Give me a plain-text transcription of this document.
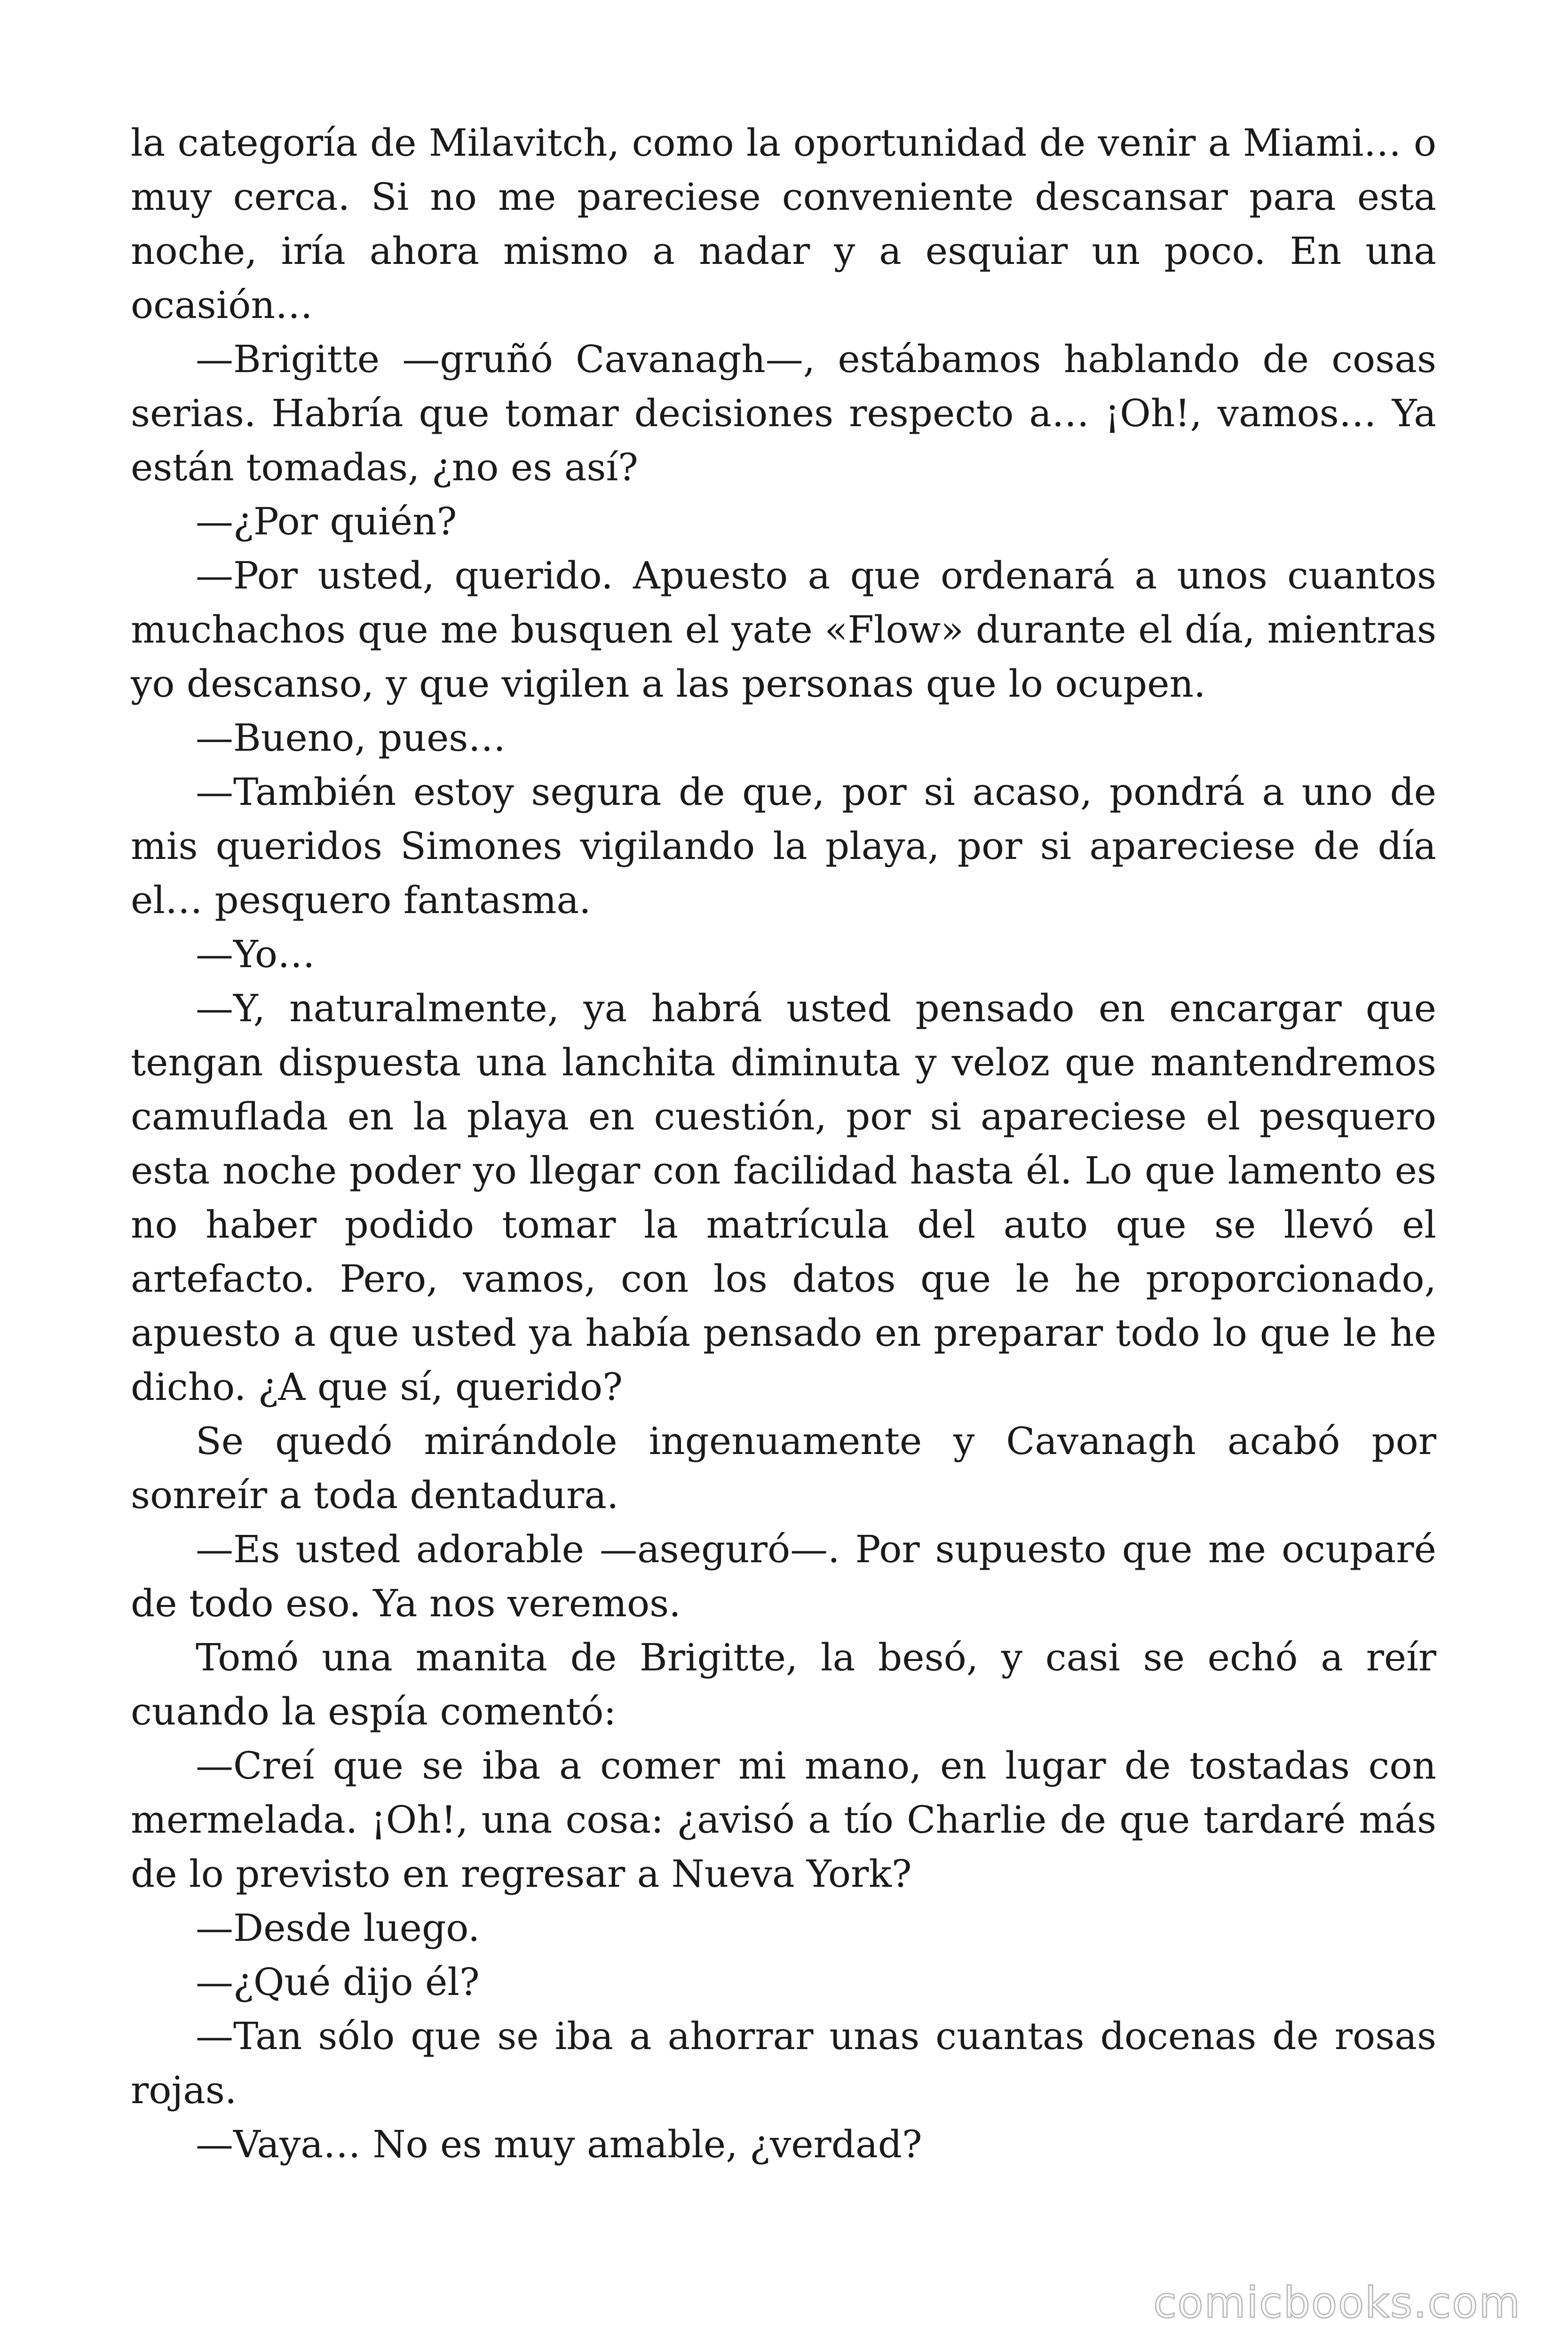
la categoría de Milavitch, como la oportunidad de venir a Miami… o muy cerca. Si no me pareciese conveniente descansar para esta noche, iría ahora mismo a nadar y a esquiar un poco. En una ocasión…

—Brigitte —gruñó Cavanagh—, estábamos hablando de cosas serias. Habría que tomar decisiones respecto a… ¡Oh!, vamos… Ya están tomadas, ¿no es así?

—¿Por quién?

—Por usted, querido. Apuesto a que ordenará a unos cuantos muchachos que me busquen el yate «Flow» durante el día, mientras yo descanso, y que vigilen a las personas que lo ocupen.

—Bueno, pues…

—También estoy segura de que, por si acaso, pondrá a uno de mis queridos Simones vigilando la playa, por si apareciese de día el… pesquero fantasma.

—Yo…

—Y, naturalmente, ya habrá usted pensado en encargar que tengan dispuesta una lanchita diminuta y veloz que mantendremos camuflada en la playa en cuestión, por si apareciese el pesquero esta noche poder yo llegar con facilidad hasta él. Lo que lamento es no haber podido tomar la matrícula del auto que se llevó el artefacto. Pero, vamos, con los datos que le he proporcionado, apuesto a que usted ya había pensado en preparar todo lo que le he dicho. ¿A que sí, querido?

Se quedó mirándole ingenuamente y Cavanagh acabó por sonreír a toda dentadura.

—Es usted adorable —aseguró—. Por supuesto que me ocuparé de todo eso. Ya nos veremos.

Tomó una manita de Brigitte, la besó, y casi se echó a reír cuando la espía comentó:

—Creí que se iba a comer mi mano, en lugar de tostadas con mermelada. ¡Oh!, una cosa: ¿avisó a tío Charlie de que tardaré más de lo previsto en regresar a Nueva York?

—Desde luego.

—¿Qué dijo él?

—Tan sólo que se iba a ahorrar unas cuantas docenas de rosas rojas.

—Vaya… No es muy amable, ¿verdad?

comicbooks.com
